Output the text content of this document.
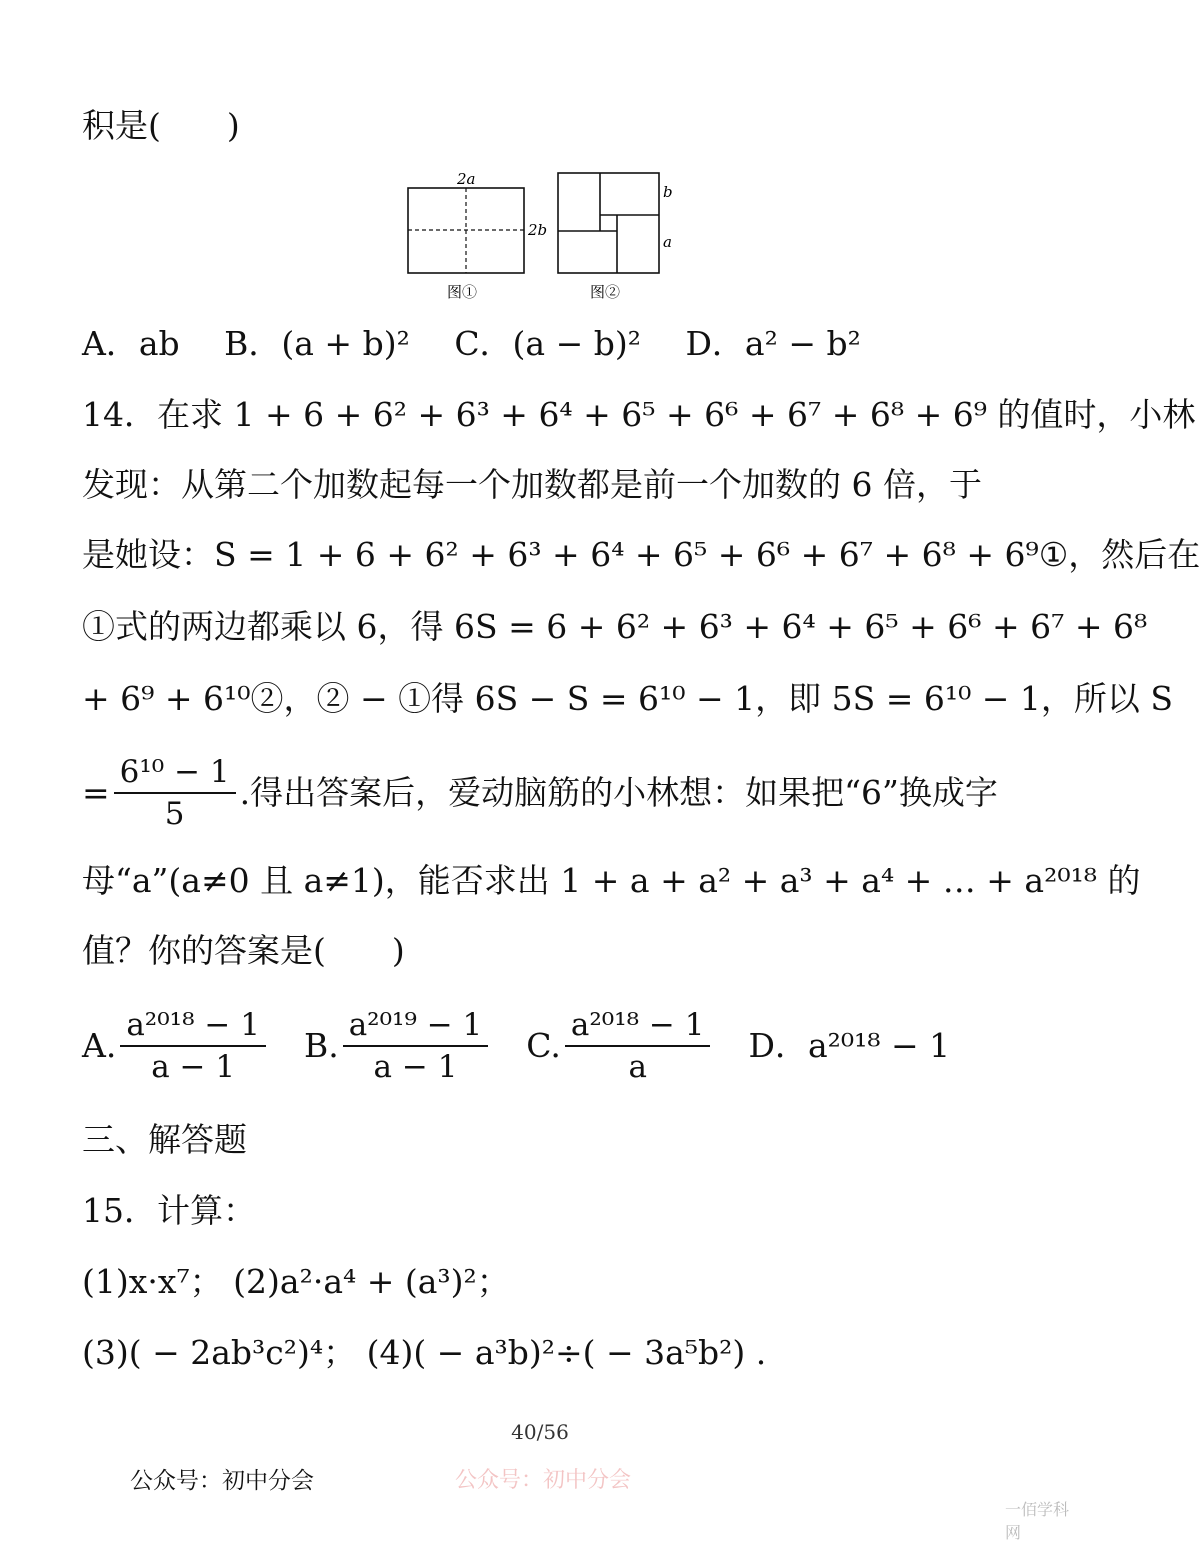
积是(　　)
2a
2b
图①
b
a
图②
A．ab B．(a + b)² C．(a − b)² D．a² − b²
14．在求 1 + 6 + 6² + 6³ + 6⁴ + 6⁵ + 6⁶ + 6⁷ + 6⁸ + 6⁹ 的值时，小林
发现：从第二个加数起每一个加数都是前一个加数的 6 倍，于
是她设：S = 1 + 6 + 6² + 6³ + 6⁴ + 6⁵ + 6⁶ + 6⁷ + 6⁸ + 6⁹①，然后在
①式的两边都乘以 6，得 6S = 6 + 6² + 6³ + 6⁴ + 6⁵ + 6⁶ + 6⁷ + 6⁸
+ 6⁹ + 6¹⁰②，② − ①得 6S − S = 6¹⁰ − 1，即 5S = 6¹⁰ − 1，所以 S
= $\frac{\text{6¹⁰ − 1}}{5}$ .得出答案后，爱动脑筋的小林想：如果把“6”换成字
母“a”(a≠0 且 a≠1)，能否求出 1 + a + a² + a³ + a⁴ + … + a²⁰¹⁸ 的
值？你的答案是(　　)
A. $\frac{\text{a²⁰¹⁸ − 1}}{a - 1} B$. $\frac{\text{a²⁰¹⁹ − 1}}{a - 1} C$. $\frac{\text{a²⁰¹⁸ − 1}}{a}$ D．a²⁰¹⁸ − 1
三、解答题
15．计算：
(1)x·x⁷； (2)a²·a⁴ + (a³)²；
(3)( − 2ab³c²)⁴； (4)( − a³b)²÷( − 3a⁵b²) .
40/56
公众号：初中分会	公众号：初中分会
一佰学科网
